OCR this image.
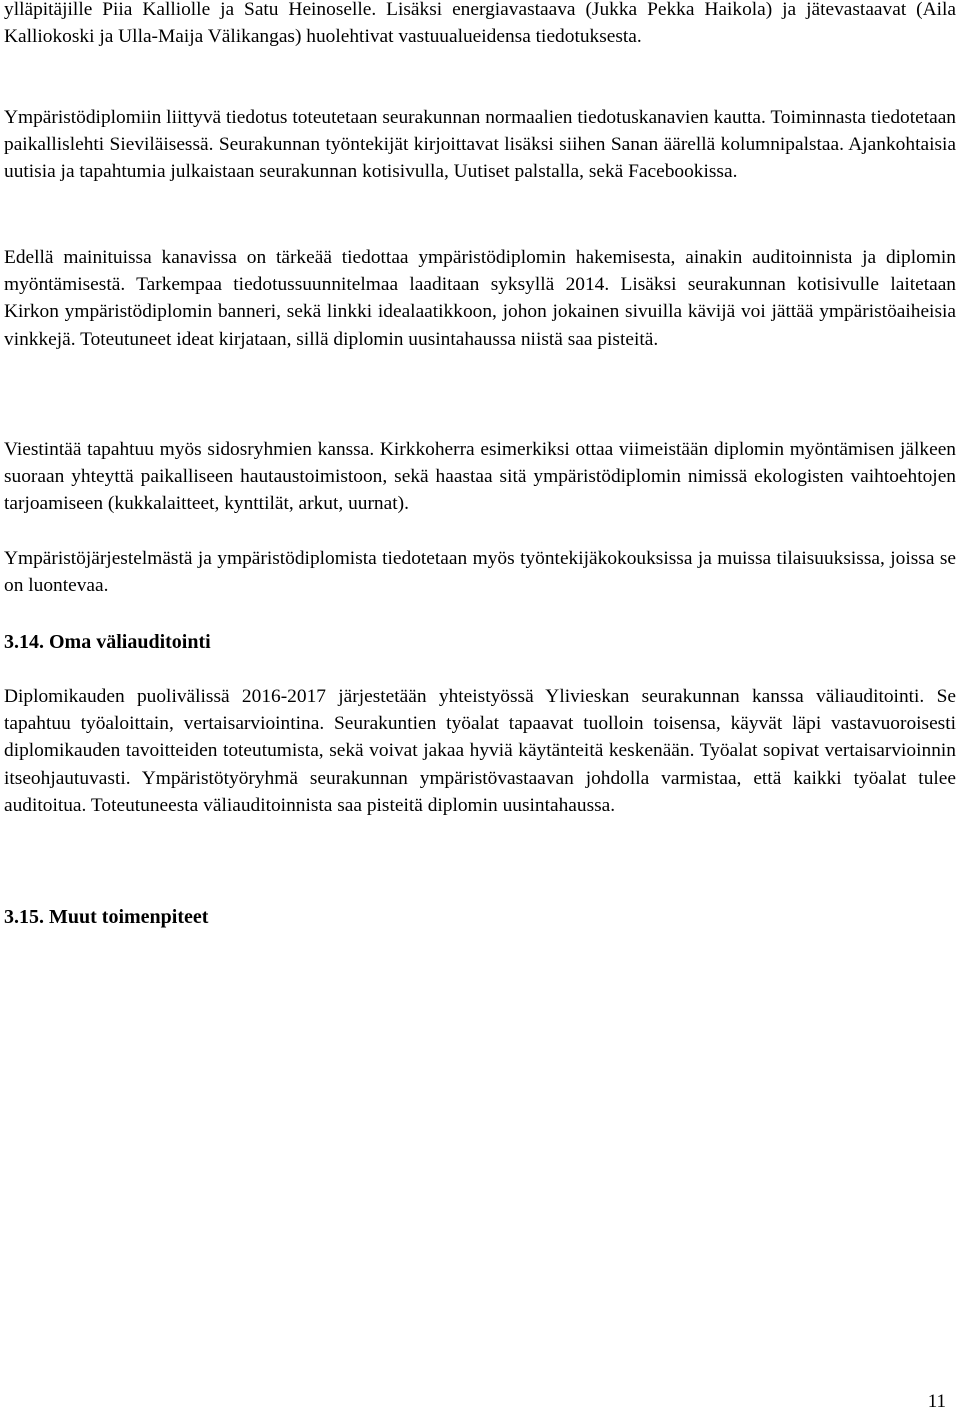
ylläpitäjille Piia Kalliolle ja Satu Heinoselle. Lisäksi energiavastaava (Jukka Pekka Haikola) ja jätevastaavat (Aila Kalliokoski ja Ulla-Maija Välikangas) huolehtivat vastuualueidensa tiedotuksesta.

Ympäristödiplomiin liittyvä tiedotus toteutetaan seurakunnan normaalien tiedotuskanavien kautta. Toiminnasta tiedotetaan paikallislehti Sieviläisessä. Seurakunnan työntekijät kirjoittavat lisäksi siihen Sanan äärellä kolumnipalstaa. Ajankohtaisia uutisia ja tapahtumia julkaistaan seurakunnan kotisivulla, Uutiset palstalla, sekä Facebookissa.

Edellä mainituissa kanavissa on tärkeää tiedottaa ympäristödiplomin hakemisesta, ainakin auditoinnista ja diplomin myöntämisestä. Tarkempaa tiedotussuunnitelmaa laaditaan syksyllä 2014. Lisäksi seurakunnan kotisivulle laitetaan Kirkon ympäristödiplomin banneri, sekä linkki idealaatikkoon, johon jokainen sivuilla kävijä voi jättää ympäristöaiheisia vinkkejä. Toteutuneet ideat kirjataan, sillä diplomin uusintahaussa niistä saa pisteitä.

Viestintää tapahtuu myös sidosryhmien kanssa. Kirkkoherra esimerkiksi ottaa viimeistään diplomin myöntämisen jälkeen suoraan yhteyttä paikalliseen hautaustoimistoon, sekä haastaa sitä ympäristödiplomin nimissä ekologisten vaihtoehtojen tarjoamiseen (kukkalaitteet, kynttilät, arkut, uurnat).

Ympäristöjärjestelmästä ja ympäristödiplomista tiedotetaan myös työntekijäkokouksissa ja muissa tilaisuuksissa, joissa se on luontevaa.

3.14. Oma väliauditointi

Diplomikauden puolivälissä 2016-2017 järjestetään yhteistyössä Ylivieskan seurakunnan kanssa väliauditointi. Se tapahtuu työaloittain, vertaisarviointina. Seurakuntien työalat tapaavat tuolloin toisensa, käyvät läpi vastavuoroisesti diplomikauden tavoitteiden toteutumista, sekä voivat jakaa hyviä käytänteitä keskenään. Työalat sopivat vertaisarvioinnin itseohjautuvasti. Ympäristötyöryhmä seurakunnan ympäristövastaavan johdolla varmistaa, että kaikki työalat tulee auditoitua. Toteutuneesta väliauditoinnista saa pisteitä diplomin uusintahaussa.

3.15. Muut toimenpiteet
11
